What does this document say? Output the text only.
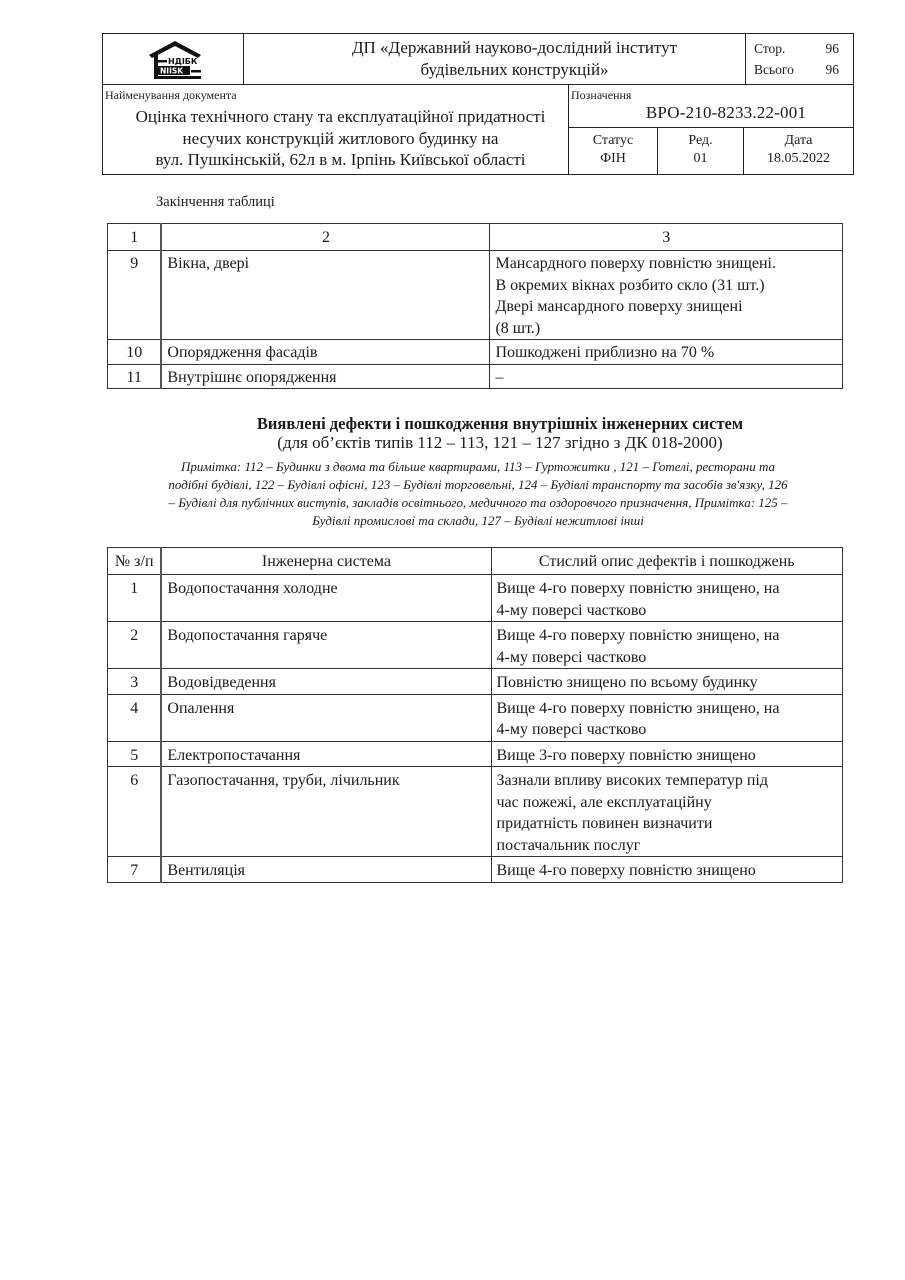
НДІБК
NIISK
ДП «Державний науково-дослідний інститут
будівельних конструкцій»
Стор.	96
Всього 96
Найменування документа
Оцінка технічного стану та експлуатаційної придатності
несучих конструкцій житлового будинку на
вул. Пушкінській, 62л в м. Ірпінь Київської області
Позначення
ВРО-210-8233.22-001
Статус
ФІН
Ред.
01
Дата
18.05.2022
Закінчення таблиці
1	2	3
9	Вікна, двері	Мансардного поверху повністю знищені.
В окремих вікнах розбито скло (31 шт.)
Двері мансардного поверху знищені
(8 шт.)

10	Опорядження фасадів	Пошкоджені приблизно на 70 %
11	Внутрішнє опорядження	–
Виявлені дефекти і пошкодження внутрішніх інженерних систем
(для об’єктів типів 112 – 113, 121 – 127 згідно з ДК 018-2000)
Примітка: 112 – Будинки з двома та більше квартирами, 113 – Гуртожитки , 121 – Готелі, ресторани та
подібні будівлі, 122 – Будівлі офісні, 123 – Будівлі торговельні, 124 – Будівлі транспорту та засобів зв'язку, 126
– Будівлі для публічних виступів, закладів освітнього, медичного та оздоровчого призначення, Примітка: 125 –
Будівлі промислові та склади, 127 – Будівлі нежитлові інші
№ з/п	Інженерна система	Стислий опис дефектів і пошкоджень
1	Водопостачання холодне	Вище 4-го поверху повністю знищено, на
4-му поверсі частково

2	Водопостачання гаряче	Вище 4-го поверху повністю знищено, на
4-му поверсі частково

3	Водовідведення	Повністю знищено по всьому будинку
4	Опалення	Вище 4-го поверху повністю знищено, на
4-му поверсі частково

5	Електропостачання	Вище 3-го поверху повністю знищено
6	Газопостачання, труби, лічильник	Зазнали впливу високих температур під
час пожежі, але експлуатаційну
придатність повинен визначити
постачальник послуг

7	Вентиляція	Вище 4-го поверху повністю знищено
